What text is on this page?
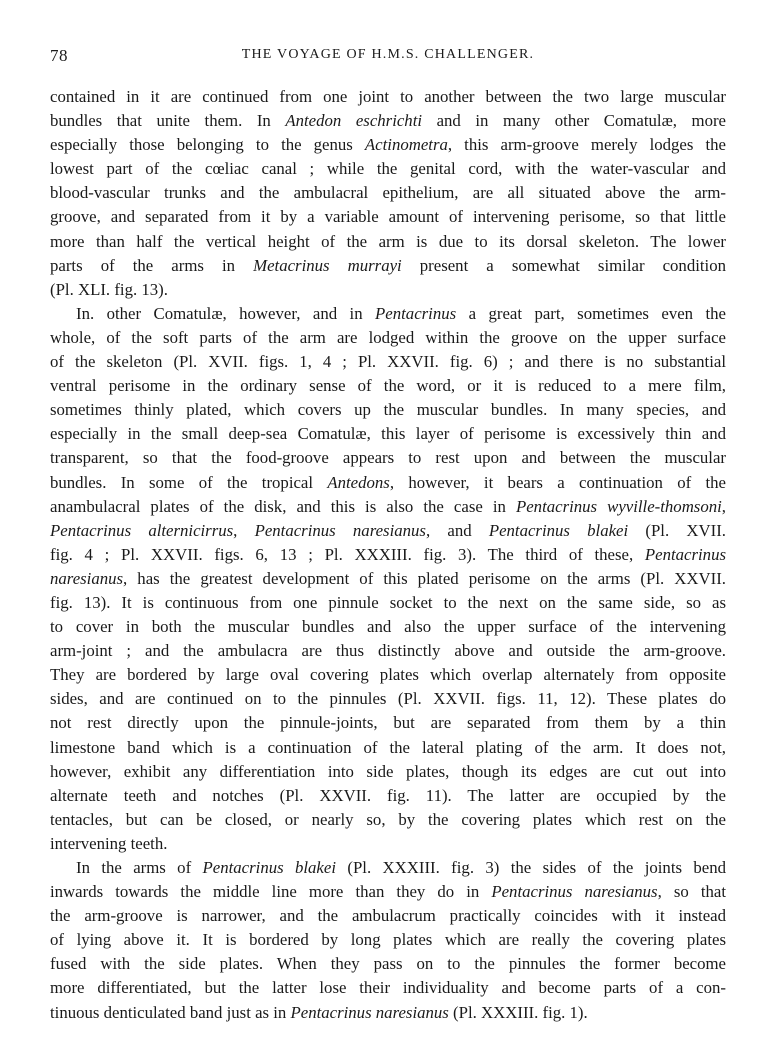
78	THE VOYAGE OF H.M.S. CHALLENGER.
contained in it are continued from one joint to another between the two large muscular
bundles that unite them. In Antedon eschrichti and in many other Comatulæ, more
especially those belonging to the genus Actinometra, this arm-groove merely lodges the
lowest part of the cœliac canal ; while the genital cord, with the water-vascular and
blood-vascular trunks and the ambulacral epithelium, are all situated above the arm-
groove, and separated from it by a variable amount of intervening perisome, so that little
more than half the vertical height of the arm is due to its dorsal skeleton. The lower
parts of the arms in Metacrinus murrayi present a somewhat similar condition
(Pl. XLI. fig. 13).
In. other Comatulæ, however, and in Pentacrinus a great part, sometimes even the
whole, of the soft parts of the arm are lodged within the groove on the upper surface
of the skeleton (Pl. XVII. figs. 1, 4 ; Pl. XXVII. fig. 6) ; and there is no substantial
ventral perisome in the ordinary sense of the word, or it is reduced to a mere film,
sometimes thinly plated, which covers up the muscular bundles. In many species, and
especially in the small deep-sea Comatulæ, this layer of perisome is excessively thin and
transparent, so that the food-groove appears to rest upon and between the muscular
bundles. In some of the tropical Antedons, however, it bears a continuation of the
anambulacral plates of the disk, and this is also the case in Pentacrinus wyville-thomsoni,
Pentacrinus alternicirrus, Pentacrinus naresianus, and Pentacrinus blakei (Pl. XVII.
fig. 4 ; Pl. XXVII. figs. 6, 13 ; Pl. XXXIII. fig. 3). The third of these, Pentacrinus
naresianus, has the greatest development of this plated perisome on the arms (Pl. XXVII.
fig. 13). It is continuous from one pinnule socket to the next on the same side, so as
to cover in both the muscular bundles and also the upper surface of the intervening
arm-joint ; and the ambulacra are thus distinctly above and outside the arm-groove.
They are bordered by large oval covering plates which overlap alternately from opposite
sides, and are continued on to the pinnules (Pl. XXVII. figs. 11, 12). These plates do
not rest directly upon the pinnule-joints, but are separated from them by a thin
limestone band which is a continuation of the lateral plating of the arm. It does not,
however, exhibit any differentiation into side plates, though its edges are cut out into
alternate teeth and notches (Pl. XXVII. fig. 11). The latter are occupied by the
tentacles, but can be closed, or nearly so, by the covering plates which rest on the
intervening teeth.
In the arms of Pentacrinus blakei (Pl. XXXIII. fig. 3) the sides of the joints bend
inwards towards the middle line more than they do in Pentacrinus naresianus, so that
the arm-groove is narrower, and the ambulacrum practically coincides with it instead
of lying above it. It is bordered by long plates which are really the covering plates
fused with the side plates. When they pass on to the pinnules the former become
more differentiated, but the latter lose their individuality and become parts of a con-
tinuous denticulated band just as in Pentacrinus naresianus (Pl. XXXIII. fig. 1).
